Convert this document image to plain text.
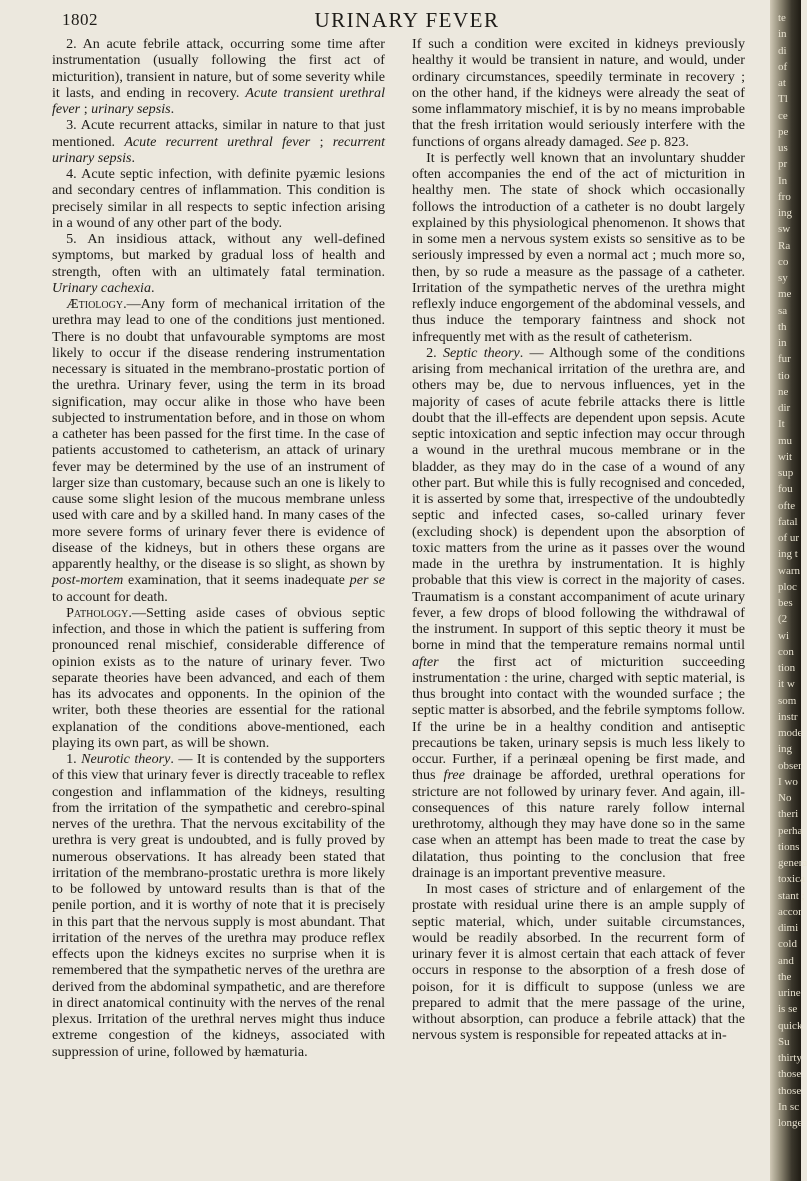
1802	URINARY FEVER

2. An acute febrile attack, occurring some time after instrumentation (usually following the first act of micturition), transient in nature, but of some severity while it lasts, and ending in recovery. Acute transient urethral fever ; urinary sepsis.

3. Acute recurrent attacks, similar in nature to that just mentioned. Acute recurrent urethral fever ; recurrent urinary sepsis.

4. Acute septic infection, with definite pyæmic lesions and secondary centres of inflammation. This condition is precisely similar in all respects to septic infection arising in a wound of any other part of the body.

5. An insidious attack, without any well-defined symptoms, but marked by gradual loss of health and strength, often with an ultimately fatal termination. Urinary cachexia.

Ætiology.—Any form of mechanical irritation of the urethra may lead to one of the conditions just mentioned. There is no doubt that unfavourable symptoms are most likely to occur if the disease rendering instrumentation necessary is situated in the membrano-prostatic portion of the urethra. Urinary fever, using the term in its broad signification, may occur alike in those who have been subjected to instrumentation before, and in those on whom a catheter has been passed for the first time. In the case of patients accustomed to catheterism, an attack of urinary fever may be determined by the use of an instrument of larger size than customary, because such an one is likely to cause some slight lesion of the mucous membrane unless used with care and by a skilled hand. In many cases of the more severe forms of urinary fever there is evidence of disease of the kidneys, but in others these organs are apparently healthy, or the disease is so slight, as shown by post-mortem examination, that it seems inadequate per se to account for death.

Pathology.—Setting aside cases of obvious septic infection, and those in which the patient is suffering from pronounced renal mischief, considerable difference of opinion exists as to the nature of urinary fever. Two separate theories have been advanced, and each of them has its advocates and opponents. In the opinion of the writer, both these theories are essential for the rational explanation of the conditions above-mentioned, each playing its own part, as will be shown.

1. Neurotic theory. — It is contended by the supporters of this view that urinary fever is directly traceable to reflex congestion and inflammation of the kidneys, resulting from the irritation of the sympathetic and cerebro-spinal nerves of the urethra. That the nervous excitability of the urethra is very great is undoubted, and is fully proved by numerous observations. It has already been stated that irritation of the membrano-prostatic urethra is more likely to be followed by untoward results than is that of the penile portion, and it is worthy of note that it is precisely in this part that the nervous supply is most abundant. That irritation of the nerves of the urethra may produce reflex effects upon the kidneys excites no surprise when it is remembered that the sympathetic nerves of the urethra are derived from the abdominal sympathetic, and are therefore in direct anatomical continuity with the nerves of the renal plexus. Irritation of the urethral nerves might thus induce extreme congestion of the kidneys, associated with suppression of urine, followed by hæmaturia.

If such a condition were excited in kidneys previously healthy it would be transient in nature, and would, under ordinary circumstances, speedily terminate in recovery ; on the other hand, if the kidneys were already the seat of some inflammatory mischief, it is by no means improbable that the fresh irritation would seriously interfere with the functions of organs already damaged. See p. 823.

It is perfectly well known that an involuntary shudder often accompanies the end of the act of micturition in healthy men. The state of shock which occasionally follows the introduction of a catheter is no doubt largely explained by this physiological phenomenon. It shows that in some men a nervous system exists so sensitive as to be seriously impressed by even a normal act ; much more so, then, by so rude a measure as the passage of a catheter. Irritation of the sympathetic nerves of the urethra might reflexly induce engorgement of the abdominal vessels, and thus induce the temporary faintness and shock not infrequently met with as the result of catheterism.

2. Septic theory. — Although some of the conditions arising from mechanical irritation of the urethra are, and others may be, due to nervous influences, yet in the majority of cases of acute febrile attacks there is little doubt that the ill-effects are dependent upon sepsis. Acute septic intoxication and septic infection may occur through a wound in the urethral mucous membrane or in the bladder, as they may do in the case of a wound of any other part. But while this is fully recognised and conceded, it is asserted by some that, irrespective of the undoubtedly septic and infected cases, so-called urinary fever (excluding shock) is dependent upon the absorption of toxic matters from the urine as it passes over the wound made in the urethra by instrumentation. It is highly probable that this view is correct in the majority of cases. Traumatism is a constant accompaniment of acute urinary fever, a few drops of blood following the withdrawal of the instrument. In support of this septic theory it must be borne in mind that the temperature remains normal until after the first act of micturition succeeding instrumentation : the urine, charged with septic material, is thus brought into contact with the wounded surface ; the septic matter is absorbed, and the febrile symptoms follow. If the urine be in a healthy condition and antiseptic precautions be taken, urinary sepsis is much less likely to occur. Further, if a perinæal opening be first made, and thus free drainage be afforded, urethral operations for stricture are not followed by urinary fever. And again, ill-consequences of this nature rarely follow internal urethrotomy, although they may have done so in the same case when an attempt has been made to treat the case by dilatation, thus pointing to the conclusion that free drainage is an important preventive measure.

In most cases of stricture and of enlargement of the prostate with residual urine there is an ample supply of septic material, which, under suitable circumstances, would be readily absorbed. In the recurrent form of urinary fever it is almost certain that each attack of fever occurs in response to the absorption of a fresh dose of poison, for it is difficult to suppose (unless we are prepared to admit that the mere passage of the urine, without absorption, can produce a febrile attack) that the nervous system is responsible for repeated attacks at in-

te
in
di
of
at
Tl
ce
pe
us
pr
In
fro
ing
sw
Ra
co
sy
me
sa
th
in
fur
tio
ne
dir
It
mu
wit
sup
fou
ofte
fatal
of ur
ing t
warn
ploc
bes
(2
wi
con
tion
it w
som
instr
mode
ing
obser
I wo
No
theri
perha
tions
genera
toxica
stant ;
accor
dimi
cold
and
the
urine
is se
quick
Su
thirty
those
those
In sc
longe
